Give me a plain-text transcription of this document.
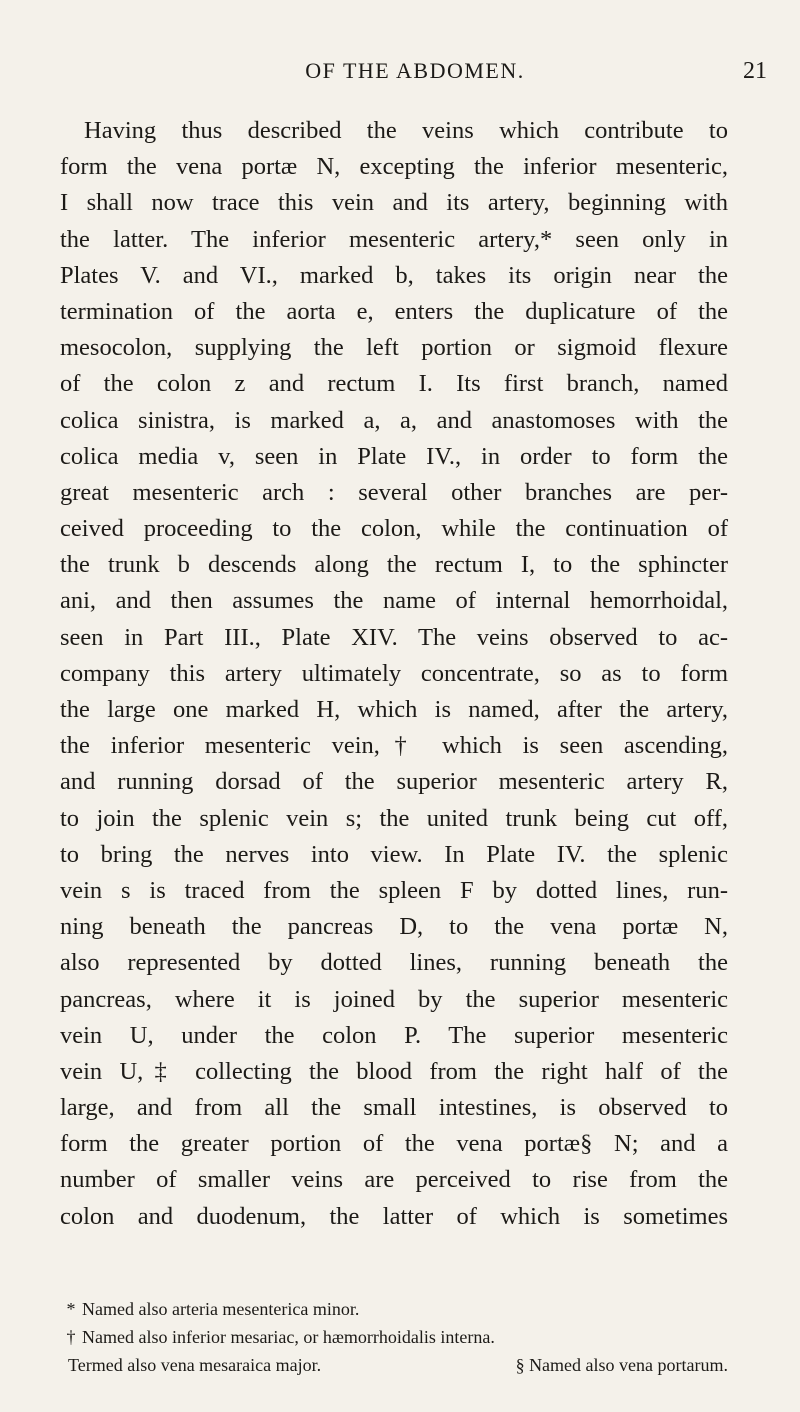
OF THE ABDOMEN.	21
Having thus described the veins which contribute to
form the vena portæ N, excepting the inferior mesenteric,
I shall now trace this vein and its artery, beginning with
the latter. The inferior mesenteric artery,* seen only in
Plates V. and VI., marked b, takes its origin near the
termination of the aorta e, enters the duplicature of the
mesocolon, supplying the left portion or sigmoid flexure
of the colon z and rectum I. Its first branch, named
colica sinistra, is marked a, a, and anastomoses with the
colica media v, seen in Plate IV., in order to form the
great mesenteric arch : several other branches are per-
ceived proceeding to the colon, while the continuation of
the trunk b descends along the rectum I, to the sphincter
ani, and then assumes the name of internal hemorrhoidal,
seen in Part III., Plate XIV. The veins observed to ac-
company this artery ultimately concentrate, so as to form
the large one marked H, which is named, after the artery,
the inferior mesenteric vein,† which is seen ascending,
and running dorsad of the superior mesenteric artery R,
to join the splenic vein s; the united trunk being cut off,
to bring the nerves into view. In Plate IV. the splenic
vein s is traced from the spleen F by dotted lines, run-
ning beneath the pancreas D, to the vena portæ N,
also represented by dotted lines, running beneath the
pancreas, where it is joined by the superior mesenteric
vein U, under the colon P. The superior mesenteric
vein U,‡ collecting the blood from the right half of the
large, and from all the small intestines, is observed to
form the greater portion of the vena portæ§ N; and a
number of smaller veins are perceived to rise from the
colon and duodenum, the latter of which is sometimes
* Named also arteria mesenterica minor.
† Named also inferior mesariac, or hæmorrhoidalis interna.
Termed also vena mesaraica major.	§ Named also vena portarum.
